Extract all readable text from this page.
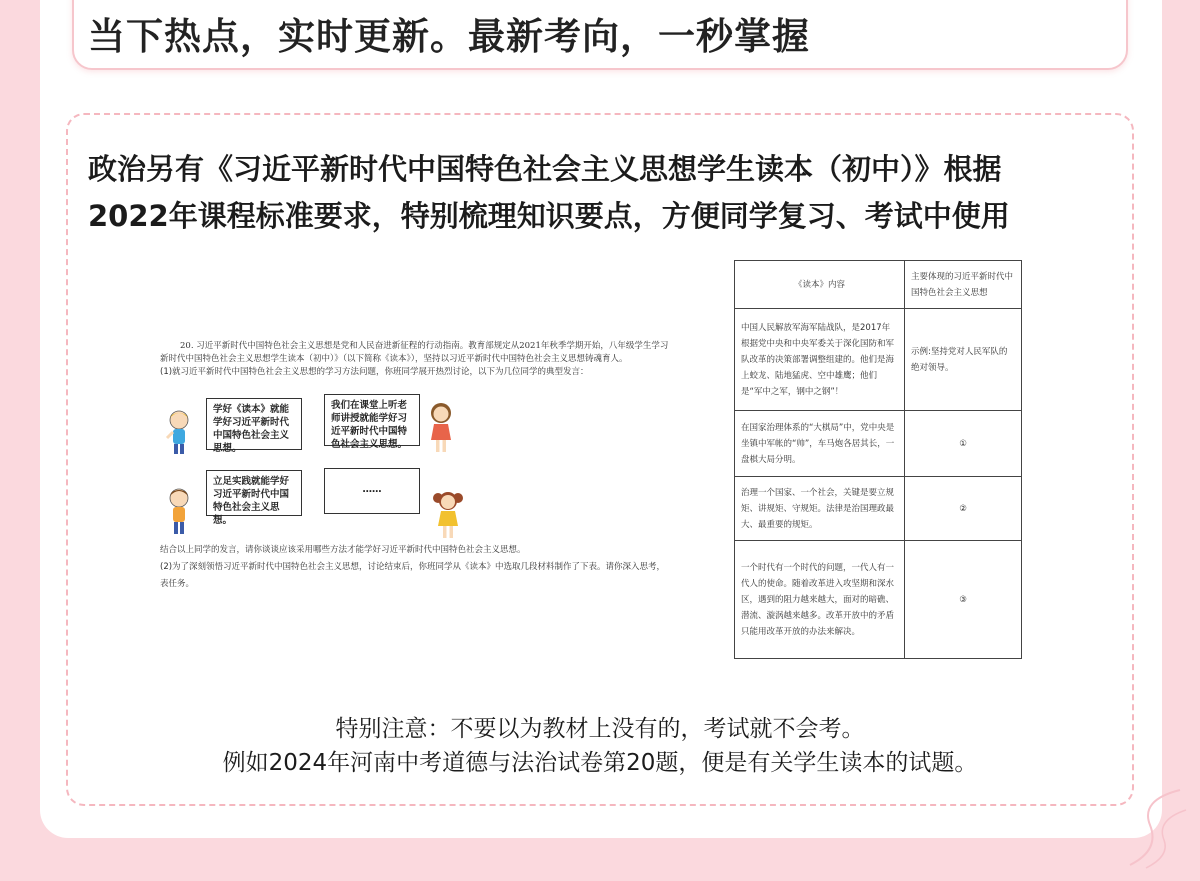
当下热点，实时更新。最新考向，一秒掌握
政治另有《习近平新时代中国特色社会主义思想学生读本（初中）》根据
2022年课程标准要求，特别梳理知识要点，方便同学复习、考试中使用
20. 习近平新时代中国特色社会主义思想是党和人民奋进新征程的行动指南。教育部规定从2021年秋季学期开始，八年级学生学习
新时代中国特色社会主义思想学生读本（初中）》（以下简称《读本》），坚持以习近平新时代中国特色社会主义思想铸魂育人。
(1)就习近平新时代中国特色社会主义思想的学习方法问题，你班同学展开热烈讨论，以下为几位同学的典型发言：
学好《读本》就能学好习近平新时代中国特色社会主义思想。
我们在课堂上听老师讲授就能学好习近平新时代中国特色社会主义思想。
立足实践就能学好习近平新时代中国特色社会主义思想。
……
结合以上同学的发言，请你谈谈应该采用哪些方法才能学好习近平新时代中国特色社会主义思想。
(2)为了深刻领悟习近平新时代中国特色社会主义思想，讨论结束后，你班同学从《读本》中选取几段材料制作了下表。请你深入思考，
表任务。
《读本》内容	主要体现的习近平新时代中国特色社会主义思想
中国人民解放军海军陆战队，是2017年根据党中央和中央军委关于深化国防和军队改革的决策部署调整组建的。他们是海上蛟龙、陆地猛虎、空中雄鹰；他们是“军中之军，钢中之钢”！	示例:坚持党对人民军队的绝对领导。
在国家治理体系的“大棋局”中，党中央是坐镇中军帐的“帅”，车马炮各居其长，一盘棋大局分明。	①
治理一个国家、一个社会，关键是要立规矩、讲规矩、守规矩。法律是治国理政最大、最重要的规矩。	②
一个时代有一个时代的问题，一代人有一代人的使命。随着改革进入攻坚期和深水区，遇到的阻力越来越大，面对的暗礁、潜流、漩涡越来越多。改革开放中的矛盾只能用改革开放的办法来解决。	③
特别注意：不要以为教材上没有的，考试就不会考。
例如2024年河南中考道德与法治试卷第20题，便是有关学生读本的试题。
